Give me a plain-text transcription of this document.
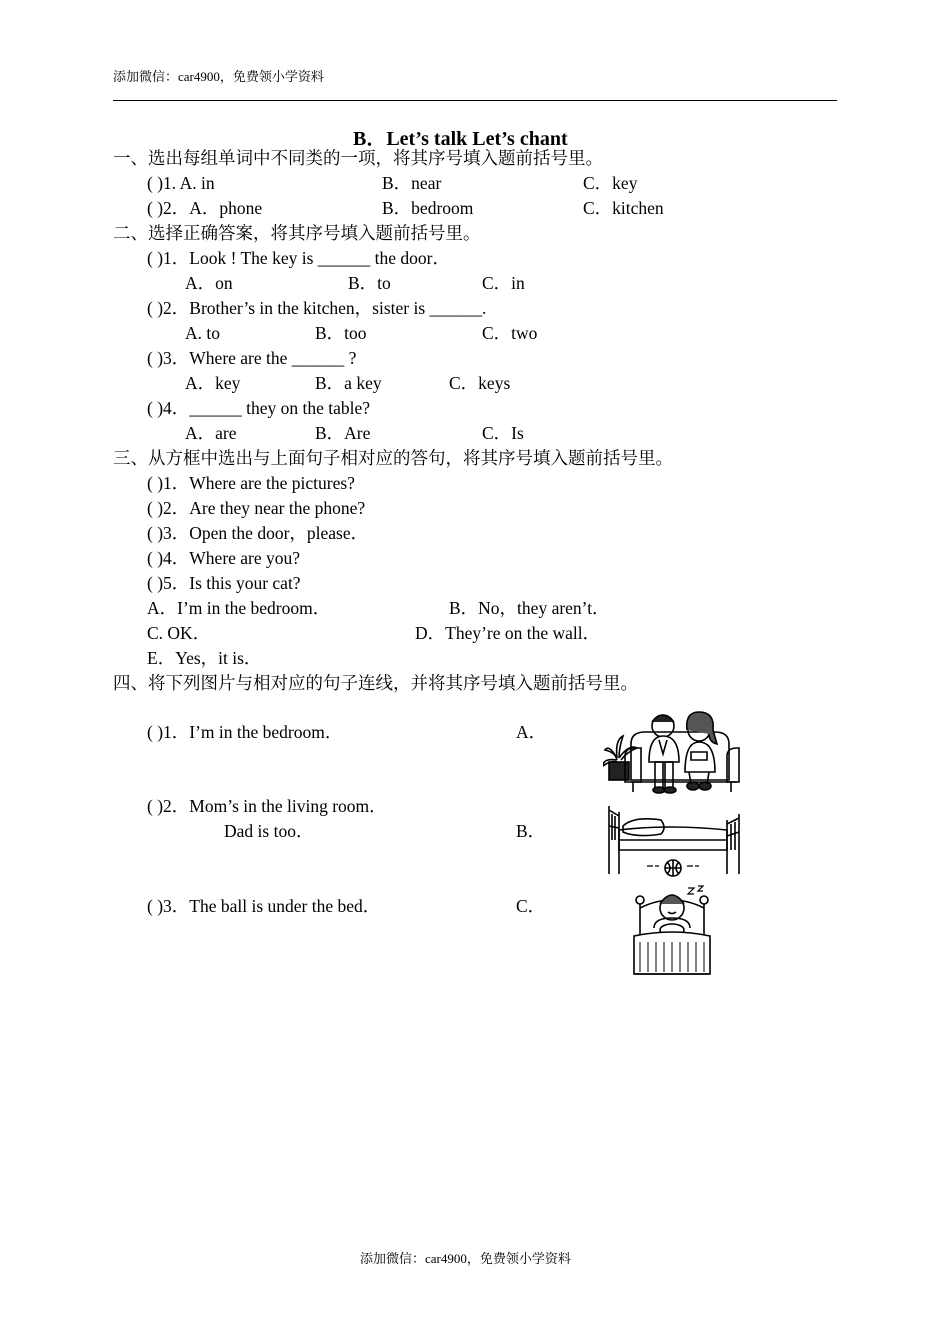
添加微信：car4900，免费领小学资料
B．Let’s talk Let’s chant
一、选出每组单词中不同类的一项，将其序号填入题前括号里。
( )1. A. in	B．near	C．key
( )2．A．phone	B．bedroom	C．kitchen
二、选择正确答案，将其序号填入题前括号里。
( )1．Look ! The key is ______ the door．
A．on	B．to	C．in
( )2．Brother’s in the kitchen，sister is ______.
A. to	B．too	C．two
( )3．Where are the ______ ?
A．key	B．a key	C．keys
( )4．______ they on the table?
A．are	B．Are	C．Is
三、从方框中选出与上面句子相对应的答句，将其序号填入题前括号里。
( )1．Where are the pictures?
( )2．Are they near the phone?
( )3．Open the door，please．
( )4．Where are you?
( )5．Is this your cat?
A．I’m in the bedroom．	B．No，they aren’t．
C. OK．	D．They’re on the wall．
E．Yes，it is．
四、将下列图片与相对应的句子连线，并将其序号填入题前括号里。
( )1．I’m in the bedroom．	A．
( )2．Mom’s in the living room．
Dad is too．	B．
( )3．The ball is under the bed．	C．
添加微信：car4900，免费领小学资料
